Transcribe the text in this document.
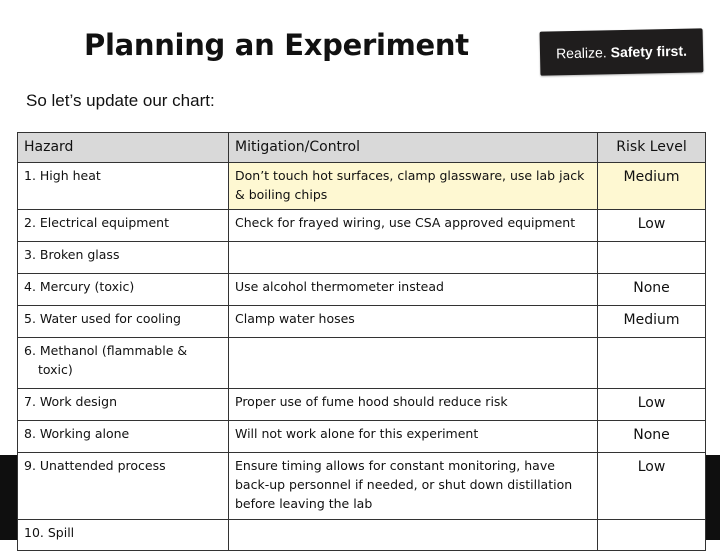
Planning an Experiment	Realize. Safety first.
So let’s update our chart:
Hazard	Mitigation/Control	Risk Level
1. High heat	Don’t touch hot surfaces, clamp glassware, use lab jack & boiling chips	Medium
2. Electrical equipment	Check for frayed wiring, use CSA approved equipment	Low
3. Broken glass		
4. Mercury (toxic)	Use alcohol thermometer instead	None
5. Water used for cooling	Clamp water hoses	Medium
6. Methanol (flammable &
toxic)		

7. Work design	Proper use of fume hood should reduce risk	Low
8. Working alone	Will not work alone for this experiment	None
9. Unattended process	Ensure timing allows for constant monitoring, have back-up personnel if needed, or shut down distillation before leaving the lab	Low
10. Spill		
